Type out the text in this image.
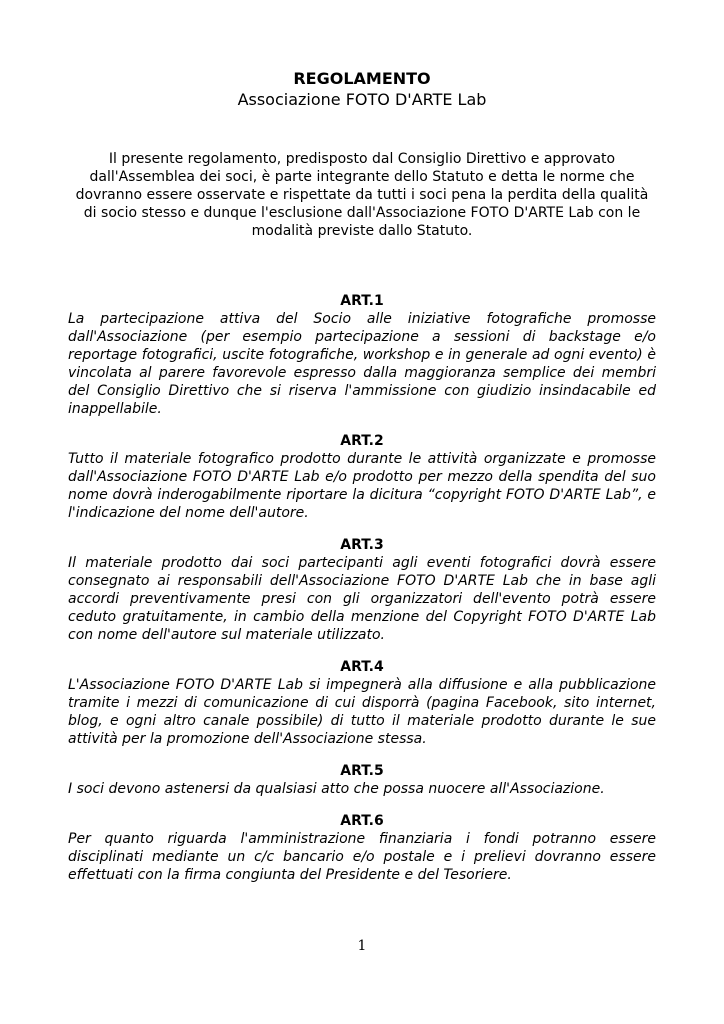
REGOLAMENTO
Associazione FOTO D'ARTE Lab
Il presente regolamento, predisposto dal Consiglio Direttivo e approvato dall'Assemblea dei soci, è parte integrante dello Statuto e detta le norme che dovranno essere osservate e rispettate da tutti i soci pena la perdita della qualità di socio stesso e dunque l'esclusione dall'Associazione FOTO D'ARTE Lab con le modalità previste dallo Statuto.
ART.1
La partecipazione attiva del Socio alle iniziative fotografiche promosse dall'Associazione (per esempio partecipazione a sessioni di backstage e/o reportage fotografici, uscite fotografiche, workshop e in generale ad ogni evento) è vincolata al parere favorevole espresso dalla maggioranza semplice dei membri del Consiglio Direttivo che si riserva l'ammissione con giudizio insindacabile ed inappellabile.
ART.2
Tutto il materiale fotografico prodotto durante le attività organizzate e promosse dall'Associazione FOTO D'ARTE Lab e/o prodotto per mezzo della spendita del suo nome dovrà inderogabilmente riportare la dicitura “copyright FOTO D'ARTE Lab”, e l'indicazione del nome dell'autore.
ART.3
Il materiale prodotto dai soci partecipanti agli eventi fotografici dovrà essere consegnato ai responsabili dell'Associazione FOTO D'ARTE Lab che in base agli accordi preventivamente presi con gli organizzatori dell'evento potrà essere ceduto gratuitamente, in cambio della menzione del Copyright FOTO D'ARTE Lab con nome dell'autore sul materiale utilizzato.
ART.4
L'Associazione FOTO D'ARTE Lab si impegnerà alla diffusione e alla pubblicazione tramite i mezzi di comunicazione di cui disporrà (pagina Facebook, sito internet, blog, e ogni altro canale possibile) di tutto il materiale prodotto durante le sue attività per la promozione dell'Associazione stessa.
ART.5
I soci devono astenersi da qualsiasi atto che possa nuocere all'Associazione.
ART.6
Per quanto riguarda l'amministrazione finanziaria i fondi potranno essere disciplinati mediante un c/c bancario e/o postale e i prelievi dovranno essere effettuati con la firma congiunta del Presidente e del Tesoriere.
1
